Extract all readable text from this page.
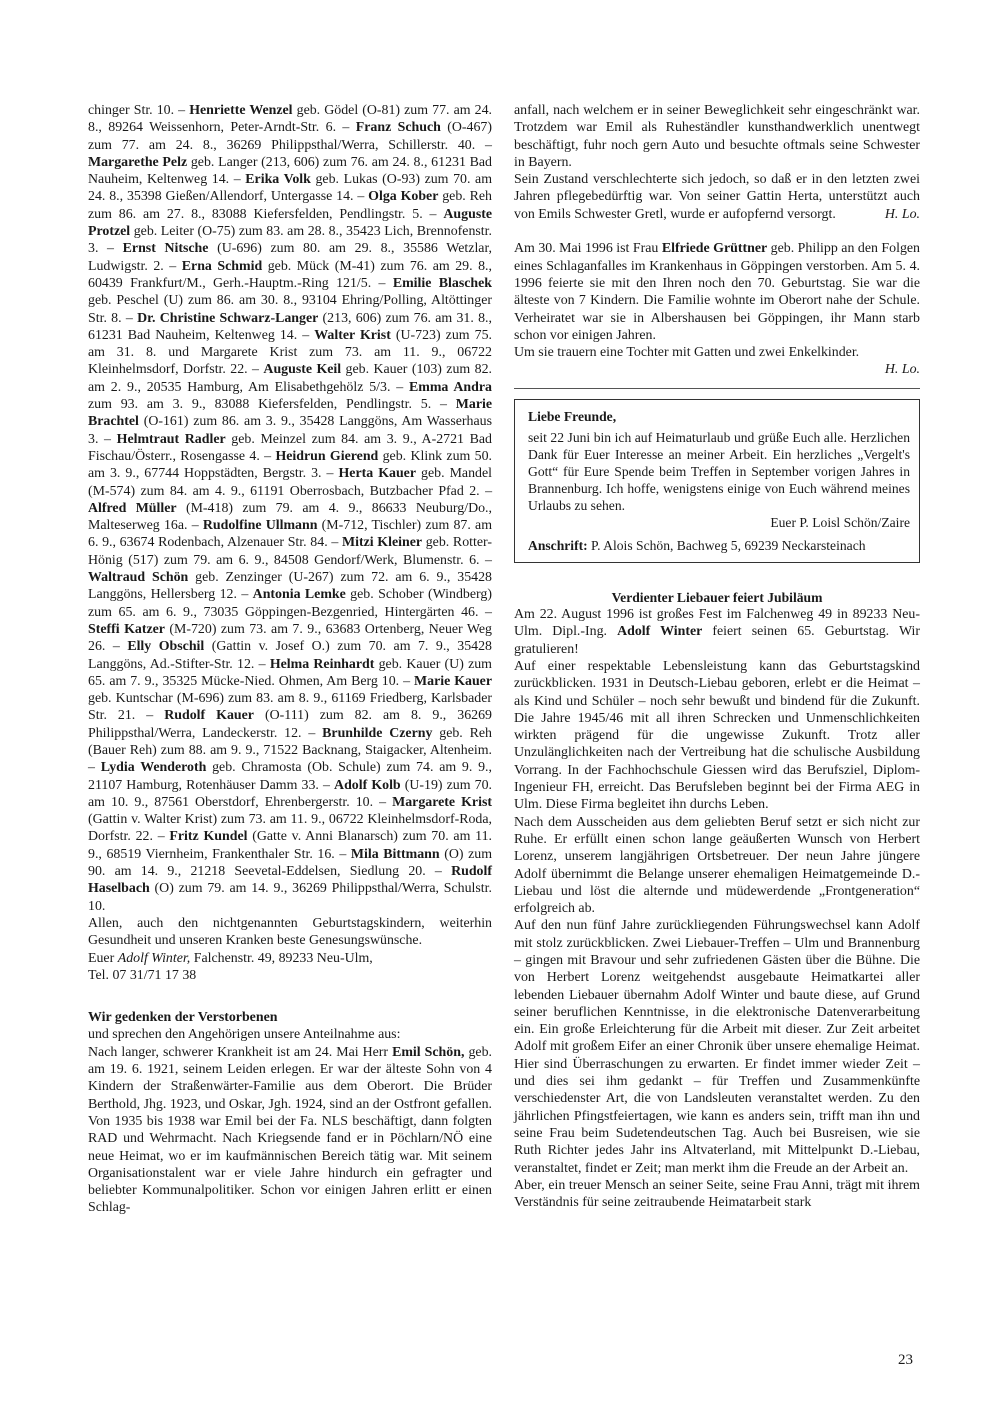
chinger Str. 10. – Henriette Wenzel geb. Gödel (O-81) zum 77. am 24. 8., 89264 Weissenhorn, Peter-Arndt-Str. 6. – Franz Schuch (O-467) zum 77. am 24. 8., 36269 Philippsthal/Werra, Schillerstr. 40. – Margarethe Pelz geb. Langer (213, 606) zum 76. am 24. 8., 61231 Bad Nauheim, Keltenweg 14. – Erika Volk geb. Lukas (O-93) zum 70. am 24. 8., 35398 Gießen/Allendorf, Untergasse 14. – Olga Kober geb. Reh zum 86. am 27. 8., 83088 Kiefersfelden, Pendlingstr. 5. – Auguste Protzel geb. Leiter (O-75) zum 83. am 28. 8., 35423 Lich, Brennofenstr. 3. – Ernst Nitsche (U-696) zum 80. am 29. 8., 35586 Wetzlar, Ludwigstr. 2. – Erna Schmid geb. Mück (M-41) zum 76. am 29. 8., 60439 Frankfurt/M., Gerh.-Hauptm.-Ring 121/5. – Emilie Blaschek geb. Peschel (U) zum 86. am 30. 8., 93104 Ehring/Polling, Altöttinger Str. 8. – Dr. Christine Schwarz-Langer (213, 606) zum 76. am 31. 8., 61231 Bad Nauheim, Keltenweg 14. – Walter Krist (U-723) zum 75. am 31. 8. und Margarete Krist zum 73. am 11. 9., 06722 Kleinhelmsdorf, Dorfstr. 22. – Auguste Keil geb. Kauer (103) zum 82. am 2. 9., 20535 Hamburg, Am Elisabethgehölz 5/3. – Emma Andra zum 93. am 3. 9., 83088 Kiefersfelden, Pendlingstr. 5. – Marie Brachtel (O-161) zum 86. am 3. 9., 35428 Langgöns, Am Wasserhaus 3. – Helmtraut Radler geb. Meinzel zum 84. am 3. 9., A-2721 Bad Fischau/Österr., Rosengasse 4. – Heidrun Gierend geb. Klink zum 50. am 3. 9., 67744 Hoppstädten, Bergstr. 3. – Herta Kauer geb. Mandel (M-574) zum 84. am 4. 9., 61191 Oberrosbach, Butzbacher Pfad 2. – Alfred Müller (M-418) zum 79. am 4. 9., 86633 Neuburg/Do., Malteserweg 16a. – Rudolfine Ullmann (M-712, Tischler) zum 87. am 6. 9., 63674 Rodenbach, Alzenauer Str. 84. – Mitzi Kleiner geb. Rotter-Hönig (517) zum 79. am 6. 9., 84508 Gendorf/Werk, Blumenstr. 6. – Waltraud Schön geb. Zenzinger (U-267) zum 72. am 6. 9., 35428 Langgöns, Hellersberg 12. – Antonia Lemke geb. Schober (Windberg) zum 65. am 6. 9., 73035 Göppingen-Bezgenried, Hintergärten 46. – Steffi Katzer (M-720) zum 73. am 7. 9., 63683 Ortenberg, Neuer Weg 26. – Elly Obschil (Gattin v. Josef O.) zum 70. am 7. 9., 35428 Langgöns, Ad.-Stifter-Str. 12. – Helma Reinhardt geb. Kauer (U) zum 65. am 7. 9., 35325 Mücke-Nied. Ohmen, Am Berg 10. – Marie Kauer geb. Kuntschar (M-696) zum 83. am 8. 9., 61169 Friedberg, Karlsbader Str. 21. – Rudolf Kauer (O-111) zum 82. am 8. 9., 36269 Philippsthal/Werra, Landeckerstr. 12. – Brunhilde Czerny geb. Reh (Bauer Reh) zum 88. am 9. 9., 71522 Backnang, Staigacker, Altenheim. – Lydia Wenderoth geb. Chramosta (Ob. Schule) zum 74. am 9. 9., 21107 Hamburg, Rotenhäuser Damm 33. – Adolf Kolb (U-19) zum 70. am 10. 9., 87561 Oberstdorf, Ehrenbergerstr. 10. – Margarete Krist (Gattin v. Walter Krist) zum 73. am 11. 9., 06722 Kleinhelmsdorf-Roda, Dorfstr. 22. – Fritz Kundel (Gatte v. Anni Blanarsch) zum 70. am 11. 9., 68519 Viernheim, Frankenthaler Str. 16. – Mila Bittmann (O) zum 90. am 14. 9., 21218 Seevetal-Eddelsen, Siedlung 20. – Rudolf Haselbach (O) zum 79. am 14. 9., 36269 Philippsthal/Werra, Schulstr. 10.

Allen, auch den nichtgenannten Geburtstagskindern, weiterhin Gesundheit und unseren Kranken beste Genesungswünsche.

Euer Adolf Winter, Falchenstr. 49, 89233 Neu-Ulm,

Tel. 07 31/71 17 38

Wir gedenken der Verstorbenen

und sprechen den Angehörigen unsere Anteilnahme aus:

Nach langer, schwerer Krankheit ist am 24. Mai Herr Emil Schön, geb. am 19. 6. 1921, seinem Leiden erlegen. Er war der älteste Sohn von 4 Kindern der Straßenwärter-Familie aus dem Oberort. Die Brüder Berthold, Jhg. 1923, und Oskar, Jgh. 1924, sind an der Ostfront gefallen. Von 1935 bis 1938 war Emil bei der Fa. NLS beschäftigt, dann folgten RAD und Wehrmacht. Nach Kriegsende fand er in Pöchlarn/NÖ eine neue Heimat, wo er im kaufmännischen Bereich tätig war. Mit seinem Organisationstalent war er viele Jahre hindurch ein gefragter und beliebter Kommunalpolitiker. Schon vor einigen Jahren erlitt er einen Schlag-

anfall, nach welchem er in seiner Beweglichkeit sehr eingeschränkt war. Trotzdem war Emil als Ruheständler kunsthandwerklich unentwegt beschäftigt, fuhr noch gern Auto und besuchte oftmals seine Schwester in Bayern.

Sein Zustand verschlechterte sich jedoch, so daß er in den letzten zwei Jahren pflegebedürftig war. Von seiner Gattin Herta, unterstützt auch von Emils Schwester Gretl, wurde er aufopfernd versorgt.	H. Lo.

Am 30. Mai 1996 ist Frau Elfriede Grüttner geb. Philipp an den Folgen eines Schlaganfalles im Krankenhaus in Göppingen verstorben. Am 5. 4. 1996 feierte sie mit den Ihren noch den 70. Geburtstag. Sie war die älteste von 7 Kindern. Die Familie wohnte im Oberort nahe der Schule. Verheiratet war sie in Albershausen bei Göppingen, ihr Mann starb schon vor einigen Jahren.

Um sie trauern eine Tochter mit Gatten und zwei Enkelkinder.

H. Lo.

Liebe Freunde,

seit 22 Juni bin ich auf Heimaturlaub und grüße Euch alle. Herzlichen Dank für Euer Interesse an meiner Arbeit. Ein herzliches „Vergelt's Gott“ für Eure Spende beim Treffen in September vorigen Jahres in Brannenburg. Ich hoffe, wenigstens einige von Euch während meines Urlaubs zu sehen.

Euer P. Loisl Schön/Zaire

Anschrift: P. Alois Schön, Bachweg 5, 69239 Neckarsteinach

Verdienter Liebauer feiert Jubiläum

Am 22. August 1996 ist großes Fest im Falchenweg 49 in 89233 Neu-Ulm. Dipl.-Ing. Adolf Winter feiert seinen 65. Geburtstag. Wir gratulieren!

Auf einer respektable Lebensleistung kann das Geburtstagskind zurückblicken. 1931 in Deutsch-Liebau geboren, erlebt er die Heimat – als Kind und Schüler – noch sehr bewußt und bindend für die Zukunft. Die Jahre 1945/46 mit all ihren Schrecken und Unmenschlichkeiten wirkten prägend für die ungewisse Zukunft. Trotz aller Unzulänglichkeiten nach der Vertreibung hat die schulische Ausbildung Vorrang. In der Fachhochschule Giessen wird das Berufsziel, Diplom-Ingenieur FH, erreicht. Das Berufsleben beginnt bei der Firma AEG in Ulm. Diese Firma begleitet ihn durchs Leben.

Nach dem Ausscheiden aus dem geliebten Beruf setzt er sich nicht zur Ruhe. Er erfüllt einen schon lange geäußerten Wunsch von Herbert Lorenz, unserem langjährigen Ortsbetreuer. Der neun Jahre jüngere Adolf übernimmt die Belange unserer ehemaligen Heimatgemeinde D.-Liebau und löst die alternde und müdewerdende „Frontgeneration“ erfolgreich ab.

Auf den nun fünf Jahre zurückliegenden Führungswechsel kann Adolf mit stolz zurückblicken. Zwei Liebauer-Treffen – Ulm und Brannenburg – gingen mit Bravour und sehr zufriedenen Gästen über die Bühne. Die von Herbert Lorenz weitgehendst ausgebaute Heimatkartei aller lebenden Liebauer übernahm Adolf Winter und baute diese, auf Grund seiner beruflichen Kenntnisse, in die elektronische Datenverarbeitung ein. Ein große Erleichterung für die Arbeit mit dieser. Zur Zeit arbeitet Adolf mit großem Eifer an einer Chronik über unsere ehemalige Heimat. Hier sind Überraschungen zu erwarten. Er findet immer wieder Zeit – und dies sei ihm gedankt – für Treffen und Zusammenkünfte verschiedenster Art, die von Landsleuten veranstaltet werden. Zu den jährlichen Pfingstfeiertagen, wie kann es anders sein, trifft man ihn und seine Frau beim Sudetendeutschen Tag. Auch bei Busreisen, wie sie Ruth Richter jedes Jahr ins Altvaterland, mit Mittelpunkt D.-Liebau, veranstaltet, findet er Zeit; man merkt ihm die Freude an der Arbeit an.

Aber, ein treuer Mensch an seiner Seite, seine Frau Anni, trägt mit ihrem Verständnis für seine zeitraubende Heimatarbeit stark

23
